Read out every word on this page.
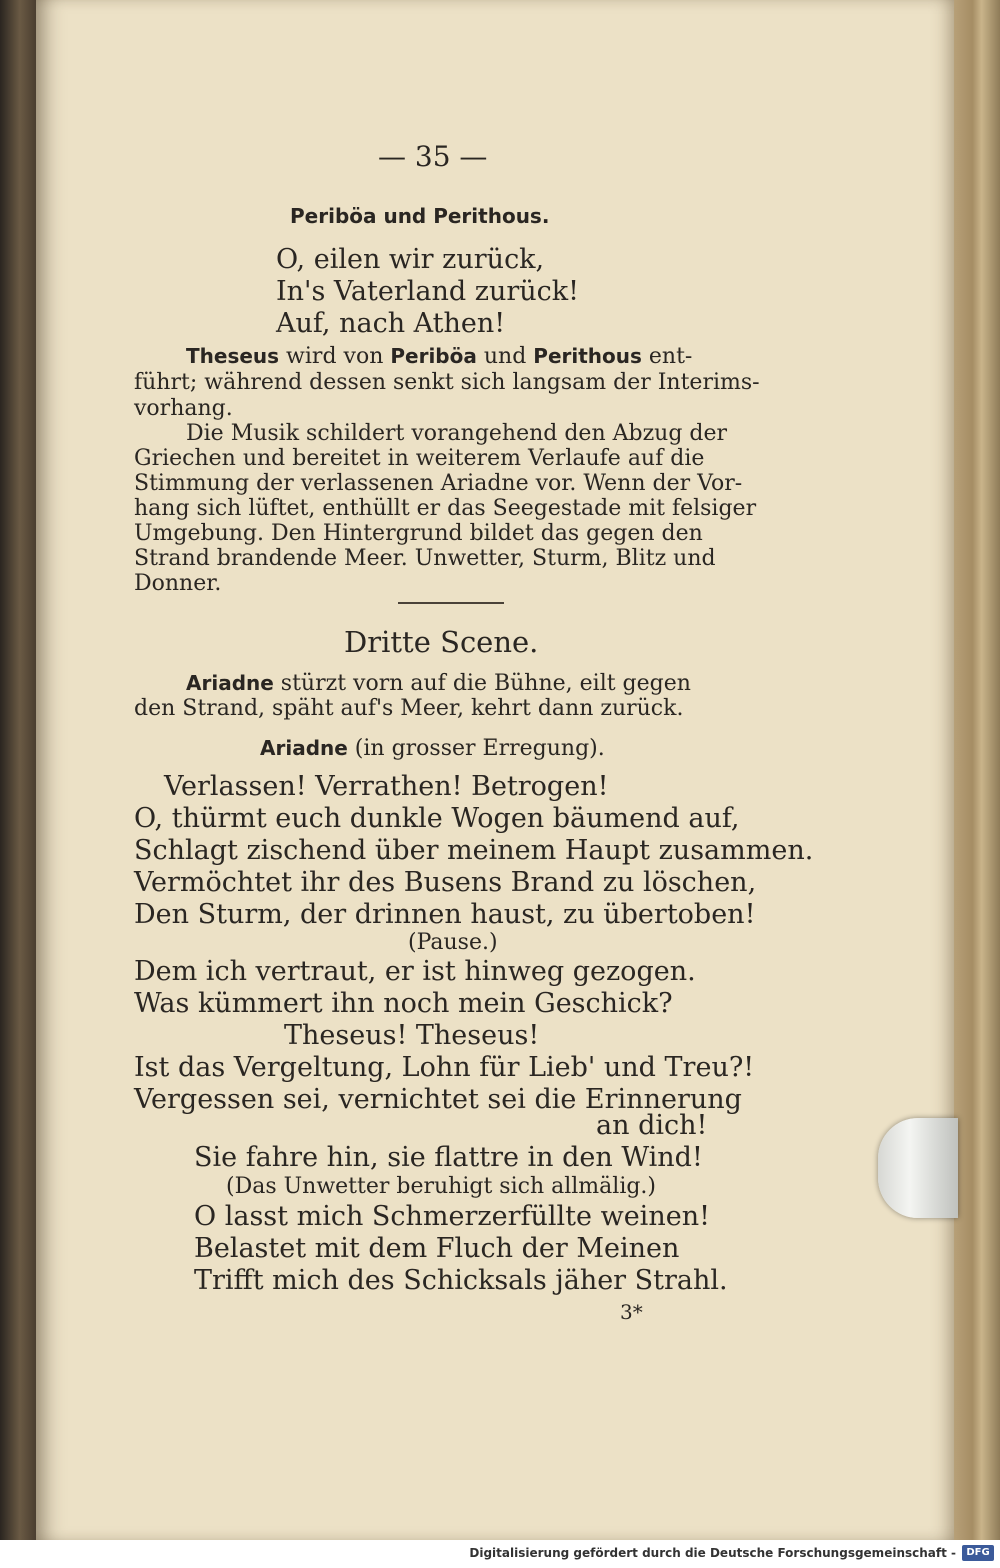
— 35 —
Periböa und Perithous.
O, eilen wir zurück,
In's Vaterland zurück!
Auf, nach Athen!
Theseus wird von Periböa und Perithous ent-
führt; während dessen senkt sich langsam der Interims-
vorhang.
Die Musik schildert vorangehend den Abzug der
Griechen und bereitet in weiterem Verlaufe auf die
Stimmung der verlassenen Ariadne vor. Wenn der Vor-
hang sich lüftet, enthüllt er das Seegestade mit felsiger
Umgebung. Den Hintergrund bildet das gegen den
Strand brandende Meer. Unwetter, Sturm, Blitz und
Donner.
Dritte Scene.
Ariadne stürzt vorn auf die Bühne, eilt gegen
den Strand, späht auf's Meer, kehrt dann zurück.
Ariadne (in grosser Erregung).
Verlassen! Verrathen! Betrogen!
O, thürmt euch dunkle Wogen bäumend auf,
Schlagt zischend über meinem Haupt zusammen.
Vermöchtet ihr des Busens Brand zu löschen,
Den Sturm, der drinnen haust, zu übertoben!
(Pause.)
Dem ich vertraut, er ist hinweg gezogen.
Was kümmert ihn noch mein Geschick?
Theseus! Theseus!
Ist das Vergeltung, Lohn für Lieb' und Treu?!
Vergessen sei, vernichtet sei die Erinnerung
an dich!
Sie fahre hin, sie flattre in den Wind!
(Das Unwetter beruhigt sich allmälig.)
O lasst mich Schmerzerfüllte weinen!
Belastet mit dem Fluch der Meinen
Trifft mich des Schicksals jäher Strahl.
3*
Digitalisierung gefördert durch die Deutsche Forschungsgemeinschaft -	DFG
